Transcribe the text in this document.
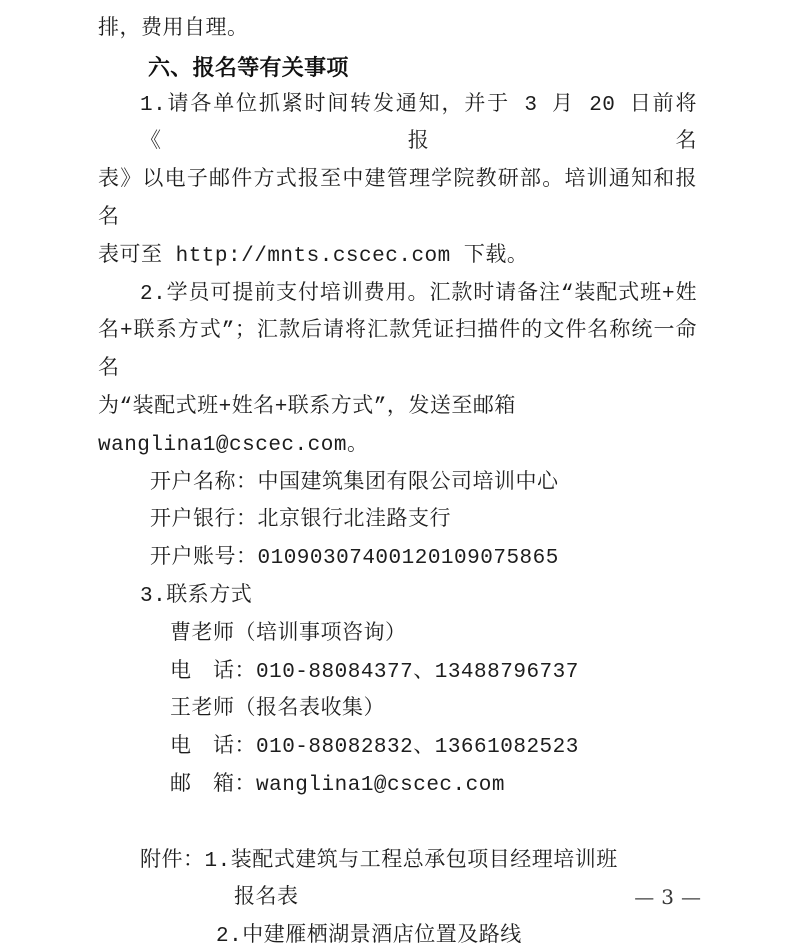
排，费用自理。
六、报名等有关事项
1.请各单位抓紧时间转发通知，并于 3 月 20 日前将《报名
表》以电子邮件方式报至中建管理学院教研部。培训通知和报名
表可至 http://mnts.cscec.com 下载。
2.学员可提前支付培训费用。汇款时请备注“装配式班+姓
名+联系方式”；汇款后请将汇款凭证扫描件的文件名称统一命名
为“装配式班+姓名+联系方式”，发送至邮箱
wanglina1@cscec.com。
开户名称：中国建筑集团有限公司培训中心
开户银行：北京银行北洼路支行
开户账号：01090307400120109075865
3.联系方式
曹老师（培训事项咨询）
电　话：010-88084377、13488796737
王老师（报名表收集）
电　话：010-88082832、13661082523
邮　箱：wanglina1@cscec.com
附件：1.装配式建筑与工程总承包项目经理培训班
报名表
2.中建雁栖湖景酒店位置及路线
— 3 —
